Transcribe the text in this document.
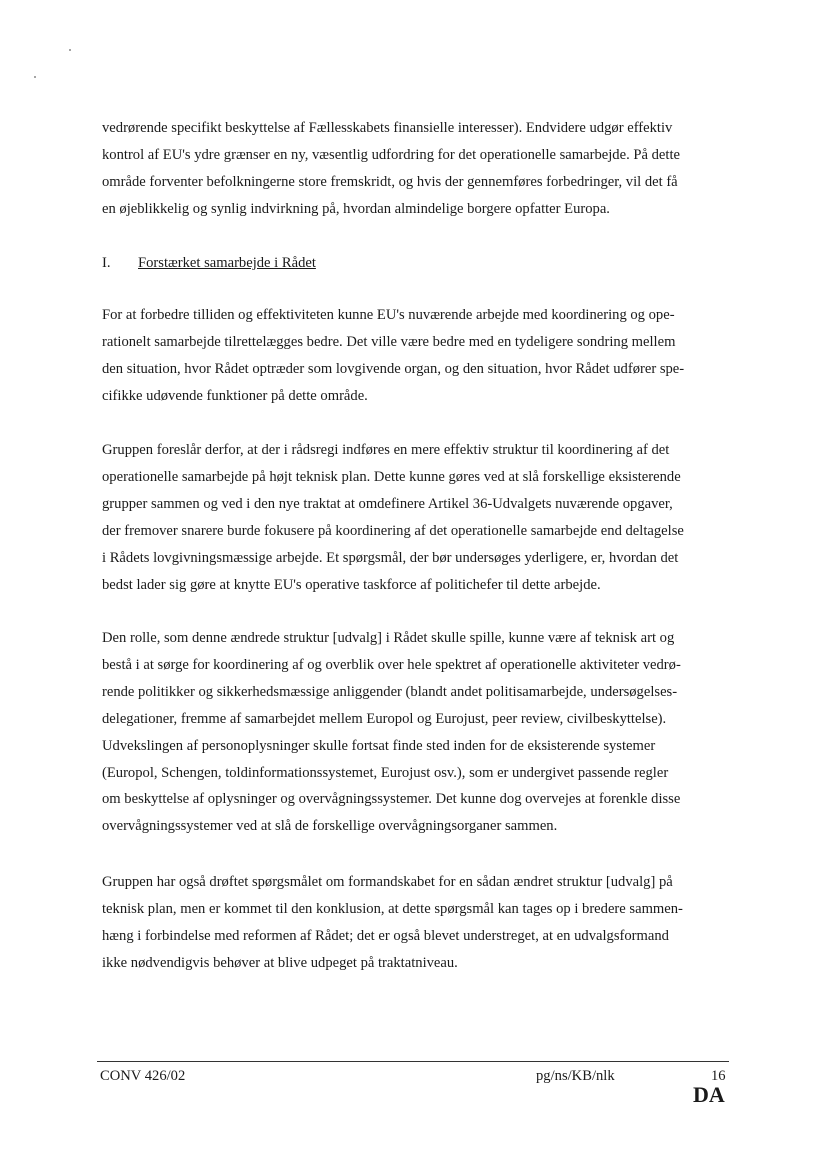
vedrørende specifikt beskyttelse af Fællesskabets finansielle interesser). Endvidere udgør effektiv
kontrol af EU's ydre grænser en ny, væsentlig udfordring for det operationelle samarbejde. På dette
område forventer befolkningerne store fremskridt, og hvis der gennemføres forbedringer, vil det få
en øjeblikkelig og synlig indvirkning på, hvordan almindelige borgere opfatter Europa.

I. Forstærket samarbejde i Rådet

For at forbedre tilliden og effektiviteten kunne EU's nuværende arbejde med koordinering og ope-
rationelt samarbejde tilrettelægges bedre. Det ville være bedre med en tydeligere sondring mellem
den situation, hvor Rådet optræder som lovgivende organ, og den situation, hvor Rådet udfører spe-
cifikke udøvende funktioner på dette område.

Gruppen foreslår derfor, at der i rådsregi indføres en mere effektiv struktur til koordinering af det
operationelle samarbejde på højt teknisk plan. Dette kunne gøres ved at slå forskellige eksisterende
grupper sammen og ved i den nye traktat at omdefinere Artikel 36-Udvalgets nuværende opgaver,
der fremover snarere burde fokusere på koordinering af det operationelle samarbejde end deltagelse
i Rådets lovgivningsmæssige arbejde. Et spørgsmål, der bør undersøges yderligere, er, hvordan det
bedst lader sig gøre at knytte EU's operative taskforce af politichefer til dette arbejde.

Den rolle, som denne ændrede struktur [udvalg] i Rådet skulle spille, kunne være af teknisk art og
bestå i at sørge for koordinering af og overblik over hele spektret af operationelle aktiviteter vedrø-
rende politikker og sikkerhedsmæssige anliggender (blandt andet politisamarbejde, undersøgelses-
delegationer, fremme af samarbejdet mellem Europol og Eurojust, peer review, civilbeskyttelse).
Udvekslingen af personoplysninger skulle fortsat finde sted inden for de eksisterende systemer
(Europol, Schengen, toldinformationssystemet, Eurojust osv.), som er undergivet passende regler
om beskyttelse af oplysninger og overvågningssystemer. Det kunne dog overvejes at forenkle disse
overvågningssystemer ved at slå de forskellige overvågningsorganer sammen.

Gruppen har også drøftet spørgsmålet om formandskabet for en sådan ændret struktur [udvalg] på
teknisk plan, men er kommet til den konklusion, at dette spørgsmål kan tages op i bredere sammen-
hæng i forbindelse med reformen af Rådet; det er også blevet understreget, at en udvalgsformand
ikke nødvendigvis behøver at blive udpeget på traktatniveau.

CONV 426/02	pg/ns/KB/nlk	16
DA
